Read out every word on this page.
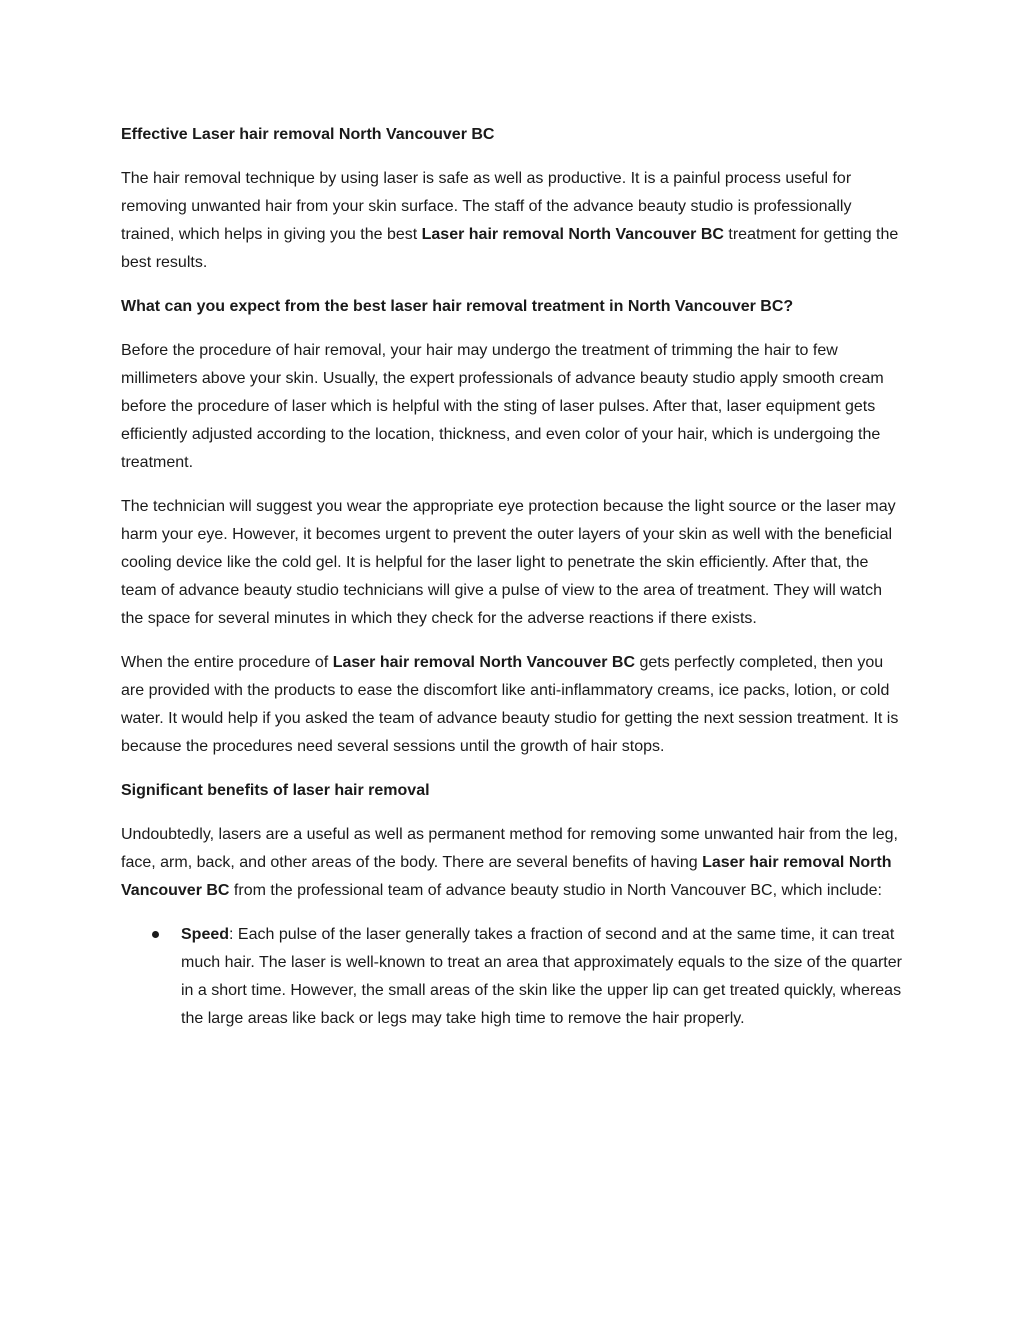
Effective Laser hair removal North Vancouver BC

The hair removal technique by using laser is safe as well as productive. It is a painful process useful for removing unwanted hair from your skin surface. The staff of the advance beauty studio is professionally trained, which helps in giving you the best Laser hair removal North Vancouver BC treatment for getting the best results.

What can you expect from the best laser hair removal treatment in North Vancouver BC?

Before the procedure of hair removal, your hair may undergo the treatment of trimming the hair to few millimeters above your skin. Usually, the expert professionals of advance beauty studio apply smooth cream before the procedure of laser which is helpful with the sting of laser pulses. After that, laser equipment gets efficiently adjusted according to the location, thickness, and even color of your hair, which is undergoing the treatment.

The technician will suggest you wear the appropriate eye protection because the light source or the laser may harm your eye. However, it becomes urgent to prevent the outer layers of your skin as well with the beneficial cooling device like the cold gel. It is helpful for the laser light to penetrate the skin efficiently. After that, the team of advance beauty studio technicians will give a pulse of view to the area of treatment. They will watch the space for several minutes in which they check for the adverse reactions if there exists.

When the entire procedure of Laser hair removal North Vancouver BC gets perfectly completed, then you are provided with the products to ease the discomfort like anti-inflammatory creams, ice packs, lotion, or cold water. It would help if you asked the team of advance beauty studio for getting the next session treatment. It is because the procedures need several sessions until the growth of hair stops.

Significant benefits of laser hair removal

Undoubtedly, lasers are a useful as well as permanent method for removing some unwanted hair from the leg, face, arm, back, and other areas of the body. There are several benefits of having Laser hair removal North Vancouver BC from the professional team of advance beauty studio in North Vancouver BC, which include:

Speed: Each pulse of the laser generally takes a fraction of second and at the same time, it can treat much hair. The laser is well-known to treat an area that approximately equals to the size of the quarter in a short time. However, the small areas of the skin like the upper lip can get treated quickly, whereas the large areas like back or legs may take high time to remove the hair properly.
